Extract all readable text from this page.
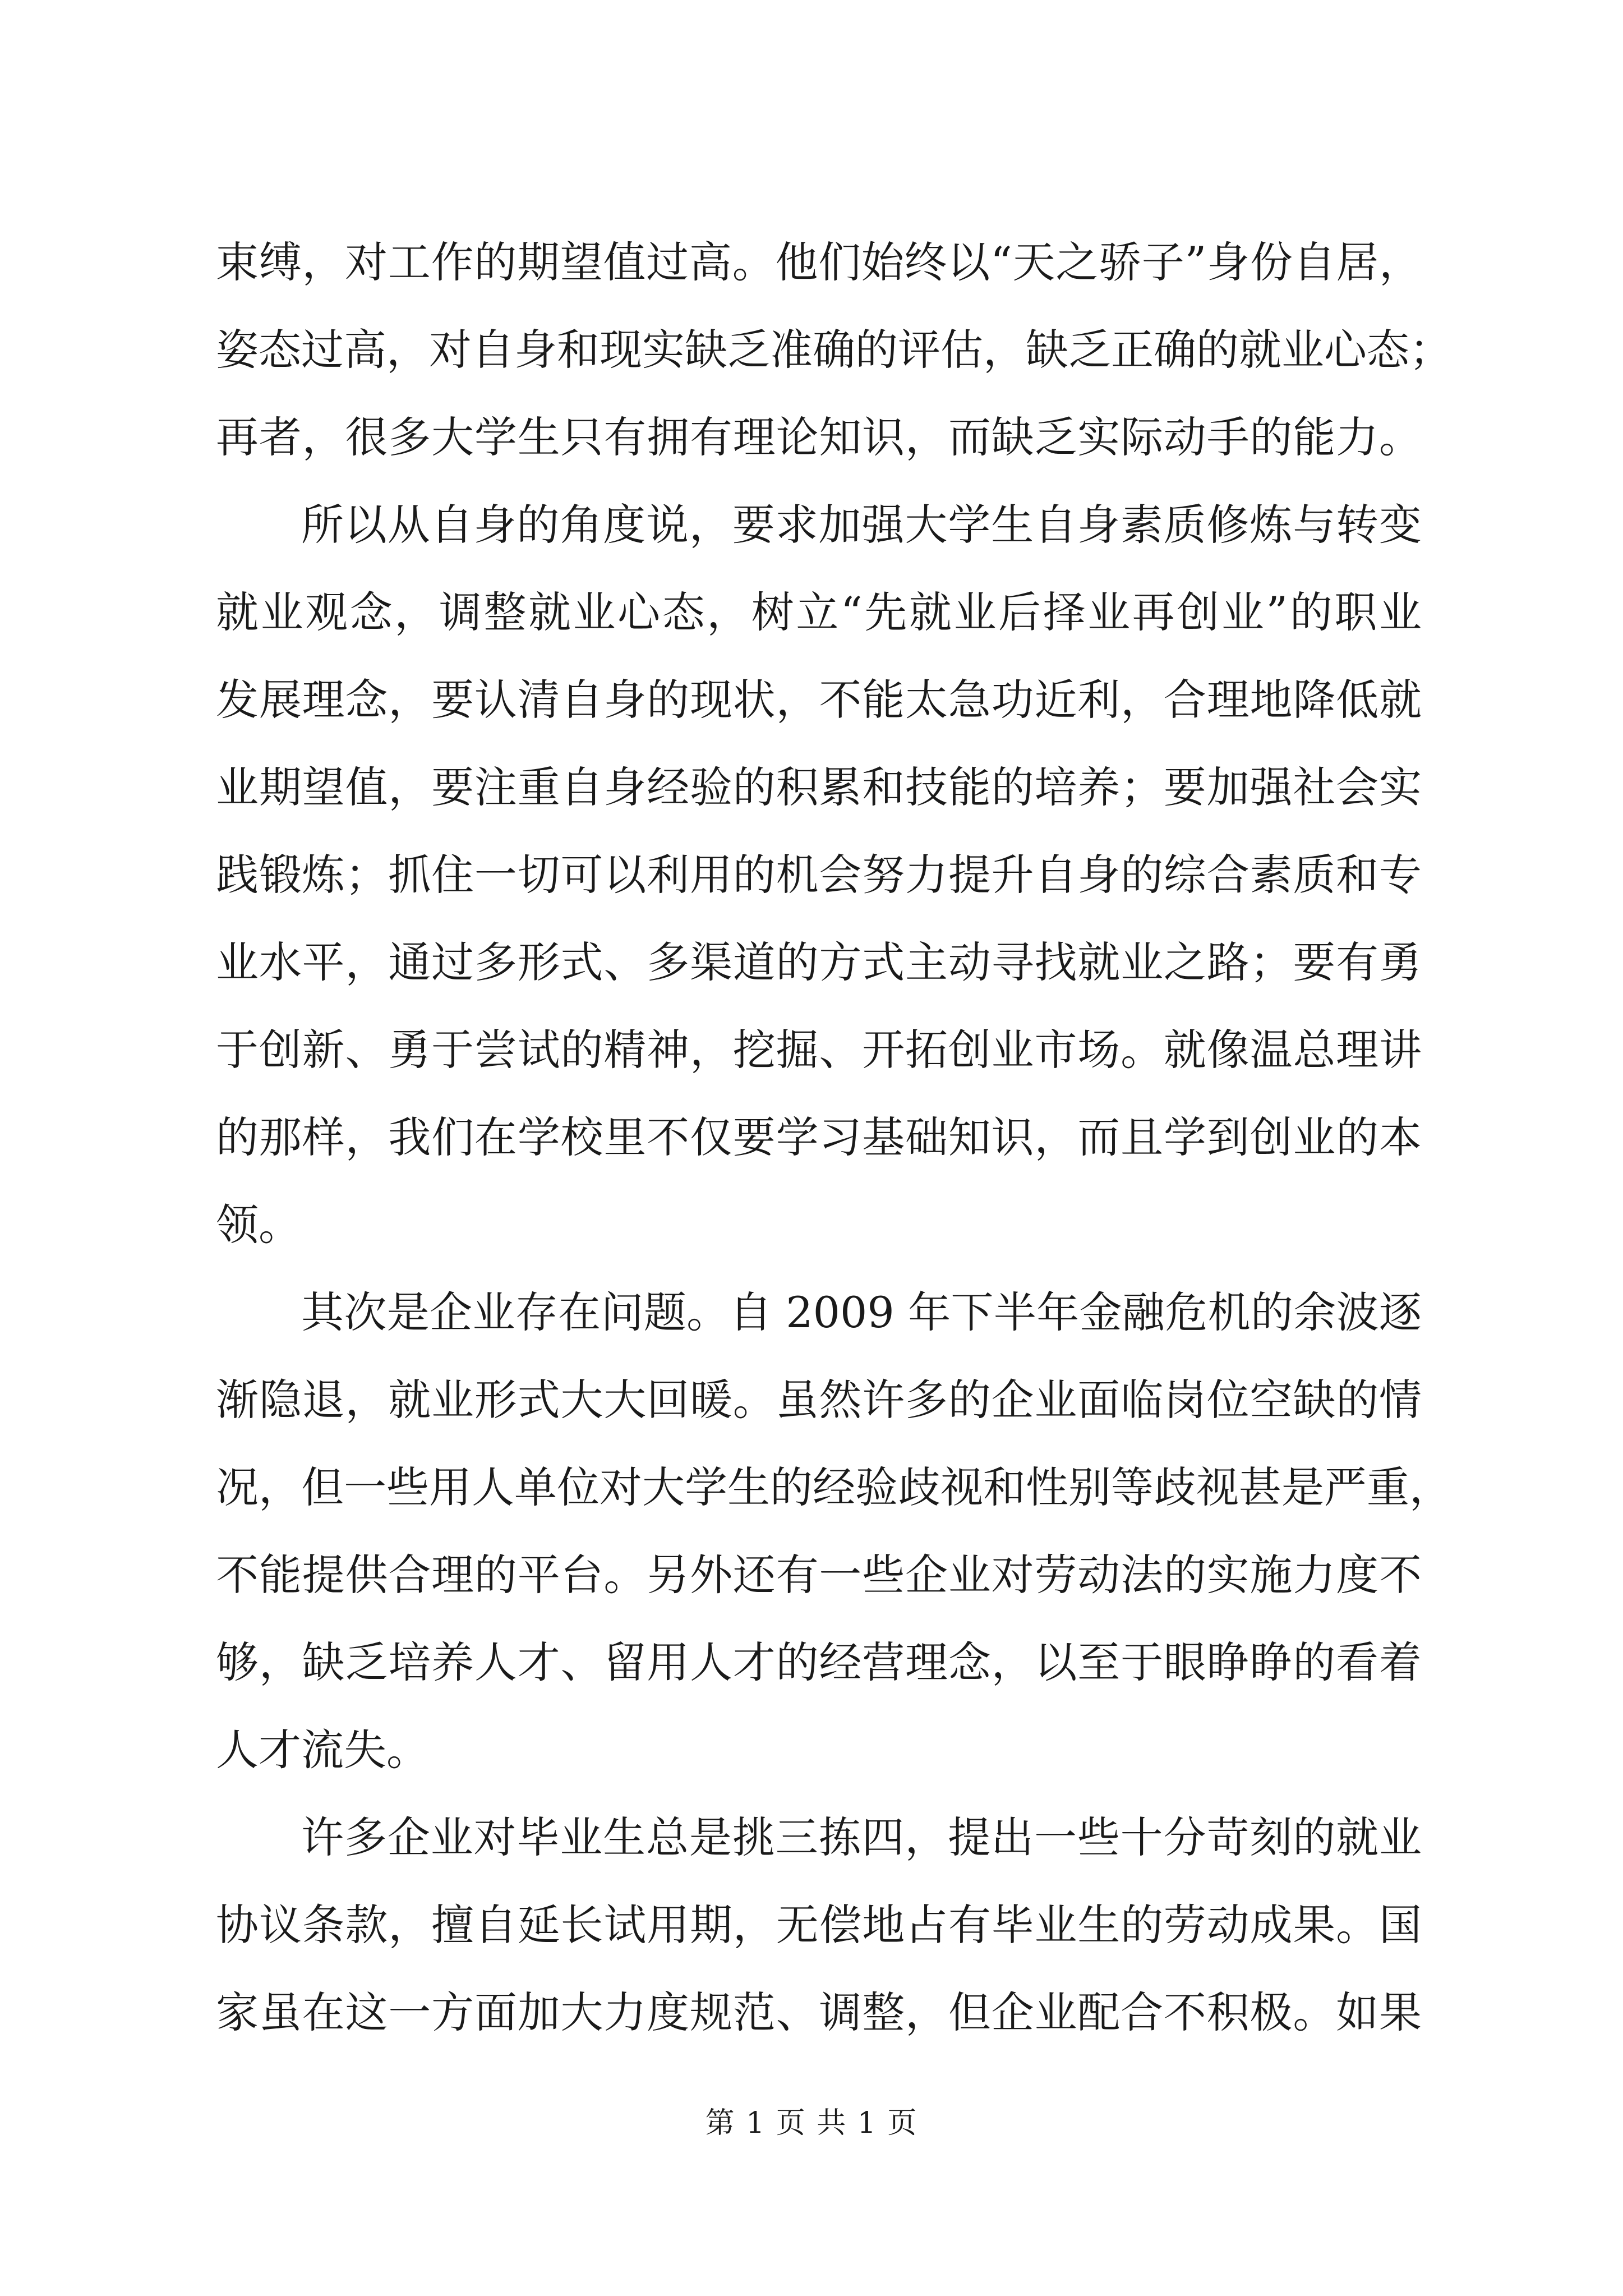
束缚，对工作的期望值过高。他们始终以“天之骄子”身份自居，
姿态过高，对自身和现实缺乏准确的评估，缺乏正确的就业心态；
再者，很多大学生只有拥有理论知识，而缺乏实际动手的能力。
所以从自身的角度说，要求加强大学生自身素质修炼与转变
就业观念，调整就业心态，树立“先就业后择业再创业”的职业
发展理念，要认清自身的现状，不能太急功近利，合理地降低就
业期望值，要注重自身经验的积累和技能的培养；要加强社会实
践锻炼；抓住一切可以利用的机会努力提升自身的综合素质和专
业水平，通过多形式、多渠道的方式主动寻找就业之路；要有勇
于创新、勇于尝试的精神，挖掘、开拓创业市场。就像温总理讲
的那样，我们在学校里不仅要学习基础知识，而且学到创业的本
领。
其次是企业存在问题。自 2009 年下半年金融危机的余波逐
渐隐退，就业形式大大回暖。虽然许多的企业面临岗位空缺的情
况，但一些用人单位对大学生的经验歧视和性别等歧视甚是严重，
不能提供合理的平台。另外还有一些企业对劳动法的实施力度不
够，缺乏培养人才、留用人才的经营理念，以至于眼睁睁的看着
人才流失。
许多企业对毕业生总是挑三拣四，提出一些十分苛刻的就业
协议条款，擅自延长试用期，无偿地占有毕业生的劳动成果。国
家虽在这一方面加大力度规范、调整，但企业配合不积极。如果
第 1 页 共 1 页
